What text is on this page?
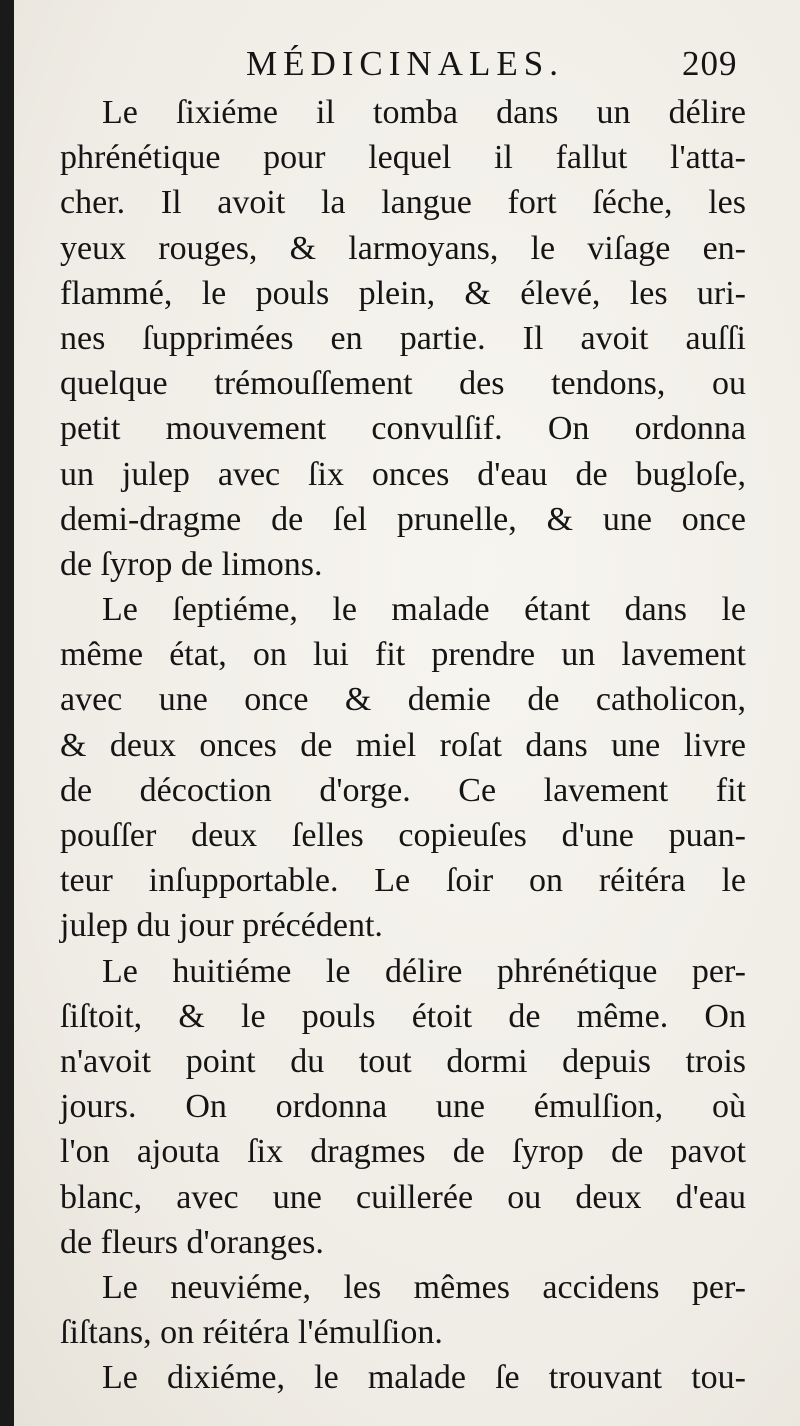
MÉDICINALES.	209
Le ſixiéme il tomba dans un délire
phrénétique pour lequel il fallut l'atta-
cher. Il avoit la langue fort ſéche, les
yeux rouges, & larmoyans, le viſage en-
flammé, le pouls plein, & élevé, les uri-
nes ſupprimées en partie. Il avoit auſſi
quelque trémouſſement des tendons, ou
petit mouvement convulſif. On ordonna
un julep avec ſix onces d'eau de bugloſe,
demi-dragme de ſel prunelle, & une once
de ſyrop de limons.
Le ſeptiéme, le malade étant dans le
même état, on lui fit prendre un lavement
avec une once & demie de catholicon,
& deux onces de miel roſat dans une livre
de décoction d'orge. Ce lavement fit
pouſſer deux ſelles copieuſes d'une puan-
teur inſupportable. Le ſoir on réitéra le
julep du jour précédent.
Le huitiéme le délire phrénétique per-
ſiſtoit, & le pouls étoit de même. On
n'avoit point du tout dormi depuis trois
jours. On ordonna une émulſion, où
l'on ajouta ſix dragmes de ſyrop de pavot
blanc, avec une cuillerée ou deux d'eau
de fleurs d'oranges.
Le neuviéme, les mêmes accidens per-
ſiſtans, on réitéra l'émulſion.
Le dixiéme, le malade ſe trouvant tou-
